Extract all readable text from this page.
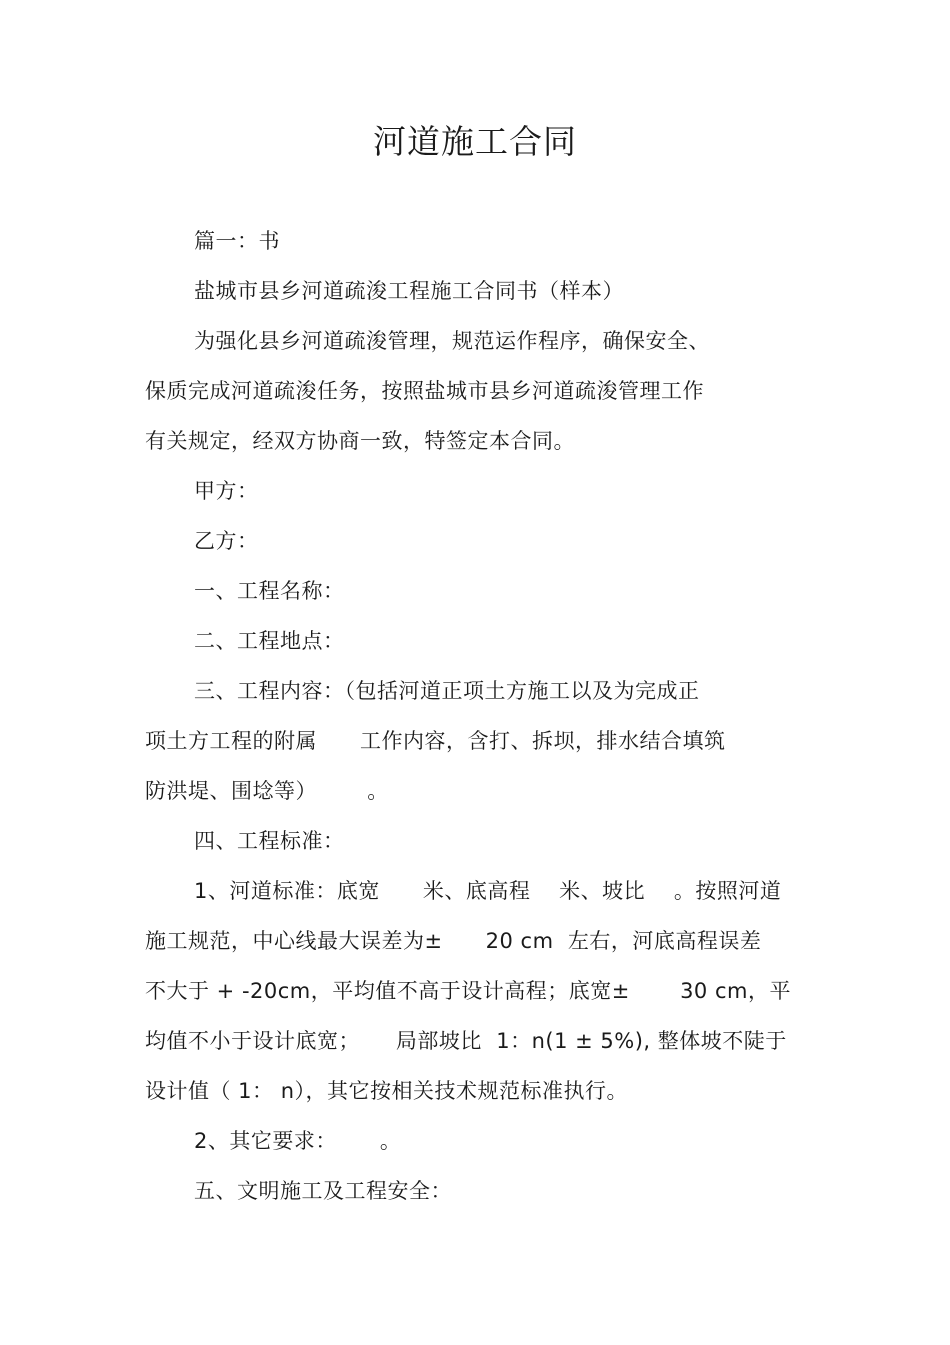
河道施工合同
篇一：书
盐城市县乡河道疏浚工程施工合同书（样本）
为强化县乡河道疏浚管理，规范运作程序，确保安全、
保质完成河道疏浚任务，按照盐城市县乡河道疏浚管理工作
有关规定，经双方协商一致，特签定本合同。
甲方：
乙方：
一、工程名称：
二、工程地点：
三、工程内容：（包括河道正项土方施工以及为完成正
项土方工程的附属      工作内容，含打、拆坝，排水结合填筑
防洪堤、围埝等）       。
四、工程标准：
1、河道标准：底宽      米、底高程    米、坡比    。按照河道
施工规范，中心线最大误差为±      20 cm  左右，河底高程误差
不大于 + -20cm，平均值不高于设计高程；底宽±       30 cm，平
均值不小于设计底宽；     局部坡比  1：n(1 ± 5%), 整体坡不陡于
设计值（ 1： n），其它按相关技术规范标准执行。
2、其它要求：      。
五、文明施工及工程安全：
